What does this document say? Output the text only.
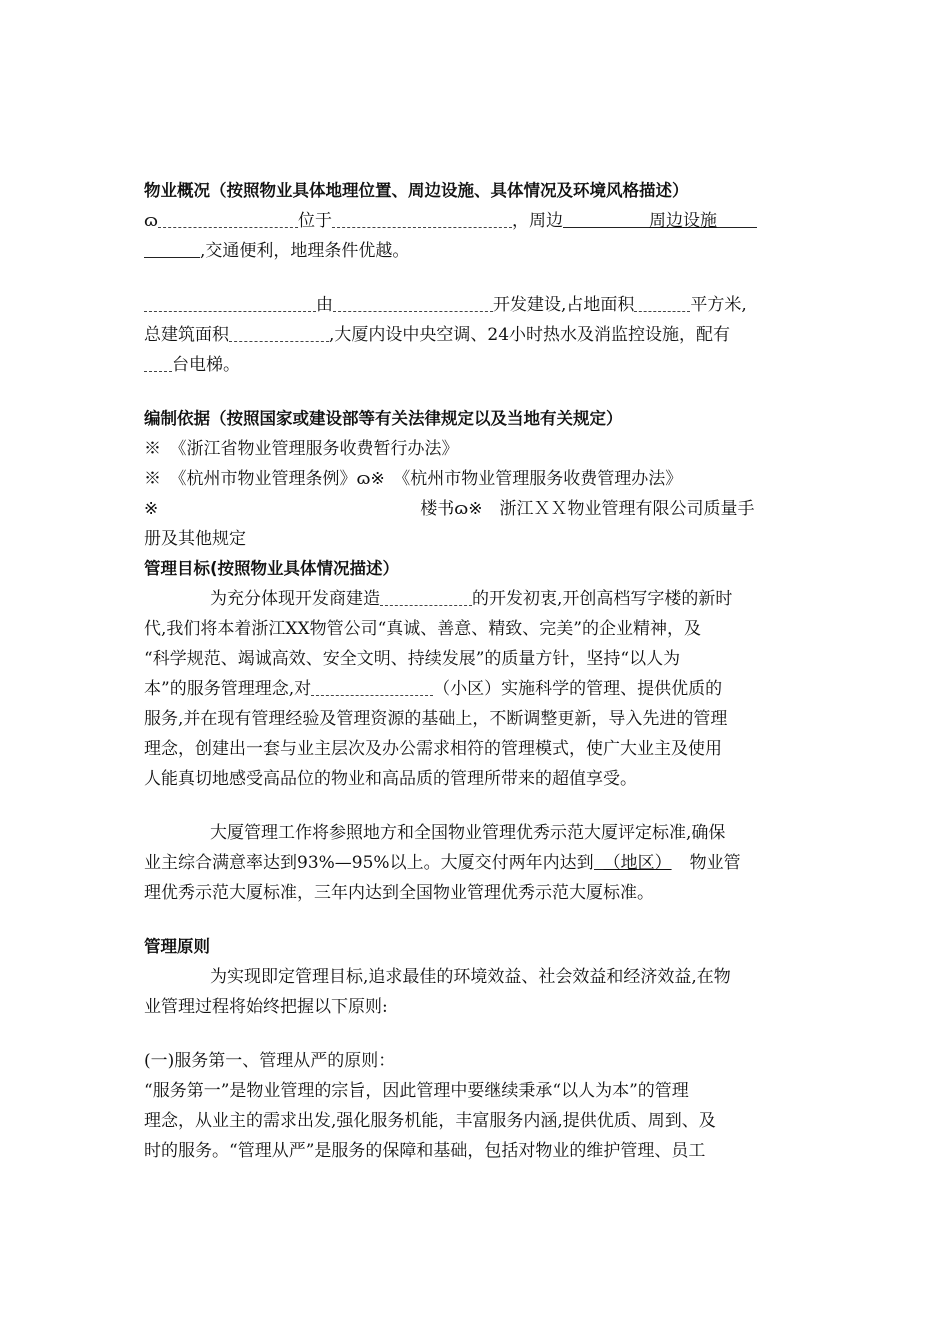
物业概况（按照物业具体地理位置、周边设施、具体情况及环境风格描述）
ɷ	位于	，周边	周边设施
,交通便利，地理条件优越。
由	开发建设,占地面积	平方米,
总建筑面积	,大厦内设中央空调、24小时热水及消监控设施，配有
台电梯。
编制依据（按照国家或建设部等有关法律规定以及当地有关规定）
※　《浙江省物业管理服务收费暂行办法》
※　《杭州市物业管理条例》ɷ※　《杭州市物业管理服务收费管理办法》
※	楼书ɷ※　浙江ＸＸ物业管理有限公司质量手
册及其他规定
管理目标(按照物业具体情况描述）
为充分体现开发商建造	的开发初衷,开创高档写字楼的新时
代,我们将本着浙江XX物管公司“真诚、善意、精致、完美”的企业精神，及
“科学规范、竭诚高效、安全文明、持续发展”的质量方针，坚持“以人为
本”的服务管理理念,对	（小区）实施科学的管理、提供优质的
服务,并在现有管理经验及管理资源的基础上，不断调整更新，导入先进的管理
理念，创建出一套与业主层次及办公需求相符的管理模式，使广大业主及使用
人能真切地感受高品位的物业和高品质的管理所带来的超值享受。
大厦管理工作将参照地方和全国物业管理优秀示范大厦评定标准,确保
业主综合满意率达到93%—95%以上。大厦交付两年内达到 （地区） 物业管
理优秀示范大厦标准，三年内达到全国物业管理优秀示范大厦标准。
管理原则
为实现即定管理目标,追求最佳的环境效益、社会效益和经济效益,在物
业管理过程将始终把握以下原则:
(一)服务第一、管理从严的原则：
“服务第一”是物业管理的宗旨，因此管理中要继续秉承“以人为本”的管理
理念，从业主的需求出发,强化服务机能，丰富服务内涵,提供优质、周到、及
时的服务。“管理从严”是服务的保障和基础，包括对物业的维护管理、员工
